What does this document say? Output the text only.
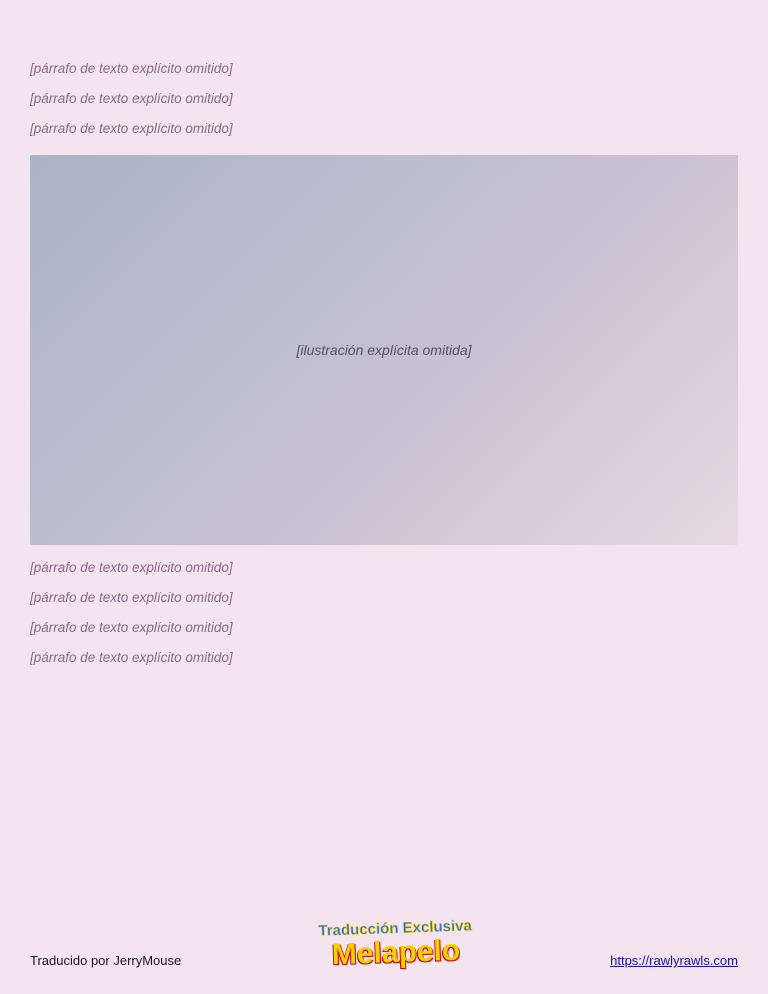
[párrafo de texto explícito omitido]

[párrafo de texto explícito omitido]

[párrafo de texto explícito omitido]

[ilustración explícita omitida]

[párrafo de texto explícito omitido]

[párrafo de texto explícito omitido]

[párrafo de texto explícito omitido]

[párrafo de texto explícito omitido]

Traducido por JerryMouse
Traducción Exclusiva
Melapelo	https://rawlyrawls.com
